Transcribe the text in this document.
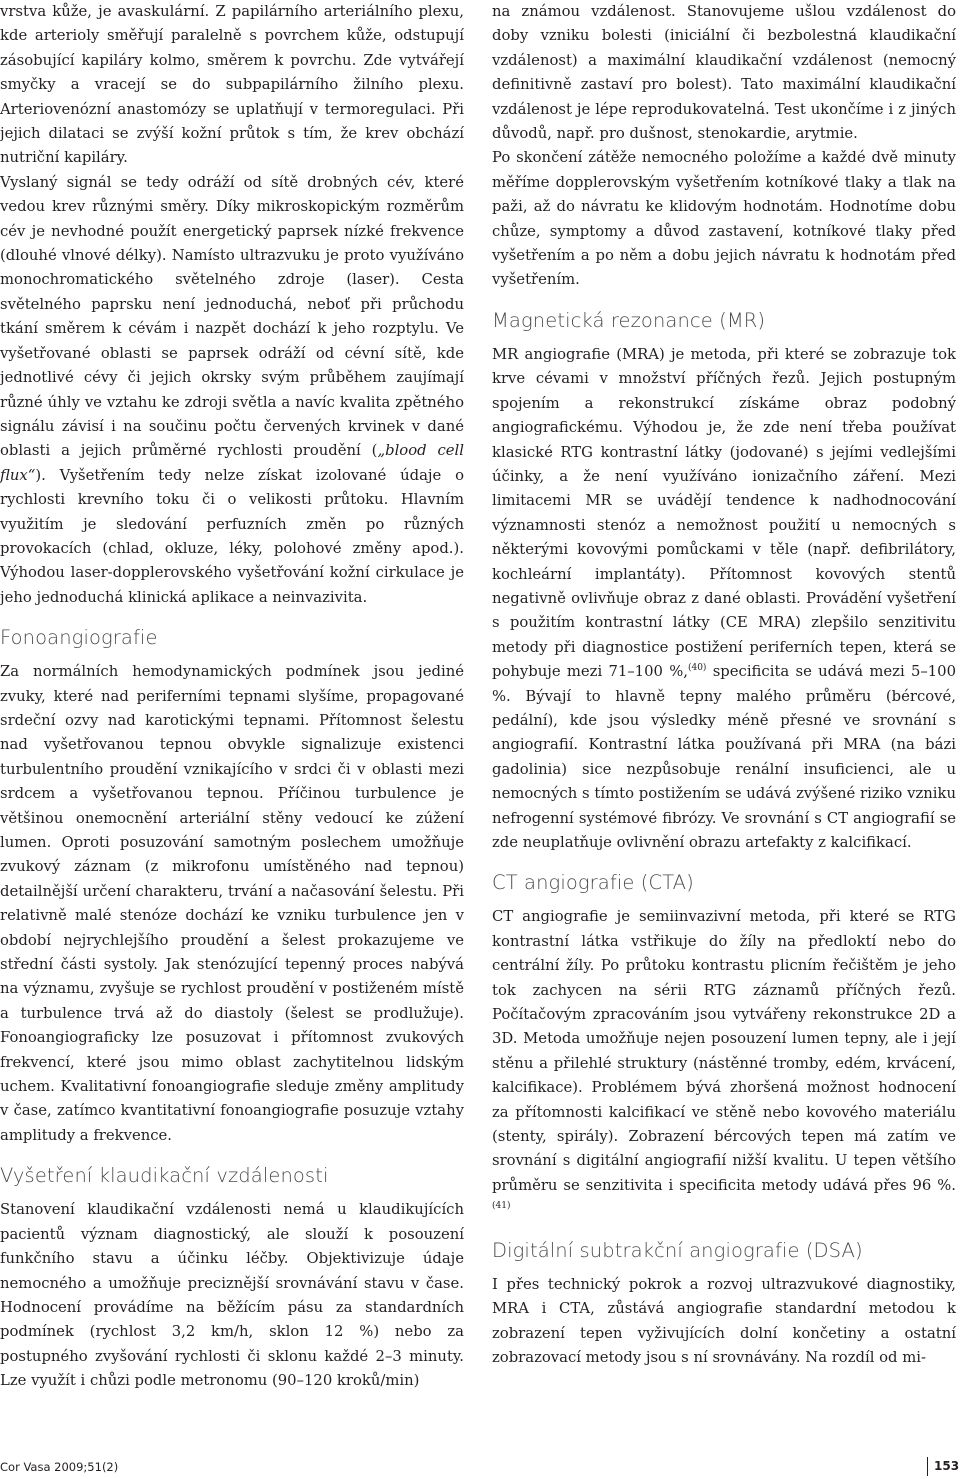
vrstva kůže, je avaskulární. Z papilárního arteriálního plexu, kde arterioly směřují paralelně s povrchem kůže, odstupují zásobující kapiláry kolmo, směrem k povrchu. Zde vytvářejí smyčky a vracejí se do subpapilárního žilního plexu. Arteriovenózní anastomózy se uplatňují v termoregulaci. Při jejich dilataci se zvýší kožní průtok s tím, že krev obchází nutriční kapiláry.

Vyslaný signál se tedy odráží od sítě drobných cév, které vedou krev různými směry. Díky mikroskopickým rozměrům cév je nevhodné použít energetický paprsek nízké frekvence (dlouhé vlnové délky). Namísto ultrazvuku je proto využíváno monochromatického světelného zdroje (laser). Cesta světelného paprsku není jednoduchá, neboť při průchodu tkání směrem k cévám i nazpět dochází k jeho rozptylu. Ve vyšetřované oblasti se paprsek odráží od cévní sítě, kde jednotlivé cévy či jejich okrsky svým průběhem zaujímají různé úhly ve vztahu ke zdroji světla a navíc kvalita zpětného signálu závisí i na součinu počtu červených krvinek v dané oblasti a jejich průměrné rychlosti proudění („blood cell flux“). Vyšetřením tedy nelze získat izolované údaje o rychlosti krevního toku či o velikosti průtoku. Hlavním využitím je sledování perfuzních změn po různých provokacích (chlad, okluze, léky, polohové změny apod.). Výhodou laser-dopplerovského vyšetřování kožní cirkulace je jeho jednoduchá klinická aplikace a neinvazivita.

Fonoangiografie

Za normálních hemodynamických podmínek jsou jediné zvuky, které nad periferními tepnami slyšíme, propagované srdeční ozvy nad karotickými tepnami. Přítomnost šelestu nad vyšetřovanou tepnou obvykle signalizuje existenci turbulentního proudění vznikajícího v srdci či v oblasti mezi srdcem a vyšetřovanou tepnou. Příčinou turbulence je většinou onemocnění arteriální stěny vedoucí ke zúžení lumen. Oproti posuzování samotným poslechem umožňuje zvukový záznam (z mikrofonu umístěného nad tepnou) detailnější určení charakteru, trvání a načasování šelestu. Při relativně malé stenóze dochází ke vzniku turbulence jen v období nejrychlejšího proudění a šelest prokazujeme ve střední části systoly. Jak stenózující tepenný proces nabývá na významu, zvyšuje se rychlost proudění v postiženém místě a turbulence trvá až do diastoly (šelest se prodlužuje). Fonoangiograficky lze posuzovat i přítomnost zvukových frekvencí, které jsou mimo oblast zachytitelnou lidským uchem. Kvalitativní fonoangiografie sleduje změny amplitudy v čase, zatímco kvantitativní fonoangiografie posuzuje vztahy amplitudy a frekvence.

Vyšetření klaudikační vzdálenosti

Stanovení klaudikační vzdálenosti nemá u klaudikujících pacientů význam diagnostický, ale slouží k posouzení funkčního stavu a účinku léčby. Objektivizuje údaje nemocného a umožňuje preciznější srovnávání stavu v čase. Hodnocení provádíme na běžícím pásu za standardních podmínek (rychlost 3,2 km/h, sklon 12 %) nebo za postupného zvyšování rychlosti či sklonu každé 2–3 minuty. Lze využít i chůzi podle metronomu (90–120 kroků/min)

na známou vzdálenost. Stanovujeme ušlou vzdálenost do doby vzniku bolesti (iniciální či bezbolestná klaudikační vzdálenost) a maximální klaudikační vzdálenost (nemocný definitivně zastaví pro bolest). Tato maximální klaudikační vzdálenost je lépe reprodukovatelná. Test ukončíme i z jiných důvodů, např. pro dušnost, stenokardie, arytmie.

Po skončení zátěže nemocného položíme a každé dvě minuty měříme dopplerovským vyšetřením kotníkové tlaky a tlak na paži, až do návratu ke klidovým hodnotám. Hodnotíme dobu chůze, symptomy a důvod zastavení, kotníkové tlaky před vyšetřením a po něm a dobu jejich návratu k hodnotám před vyšetřením.

Magnetická rezonance (MR)

MR angiografie (MRA) je metoda, při které se zobrazuje tok krve cévami v množství příčných řezů. Jejich postupným spojením a rekonstrukcí získáme obraz podobný angiografickému. Výhodou je, že zde není třeba používat klasické RTG kontrastní látky (jodované) s jejími vedlejšími účinky, a že není využíváno ionizačního záření. Mezi limitacemi MR se uvádějí tendence k nadhodnocování významnosti stenóz a nemožnost použití u nemocných s některými kovovými pomůckami v těle (např. defibrilátory, kochleární implantáty). Přítomnost kovových stentů negativně ovlivňuje obraz z dané oblasti. Provádění vyšetření s použitím kontrastní látky (CE MRA) zlepšilo senzitivitu metody při diagnostice postižení periferních tepen, která se pohybuje mezi 71–100 %,$^{(40)}$ specificita se udává mezi 5–100 %. Bývají to hlavně tepny malého průměru (bércové, pedální), kde jsou výsledky méně přesné ve srovnání s angiografií. Kontrastní látka používaná při MRA (na bázi gadolinia) sice nezpůsobuje renální insuficienci, ale u nemocných s tímto postižením se udává zvýšené riziko vzniku nefrogenní systémové fibrózy. Ve srovnání s CT angiografií se zde neuplatňuje ovlivnění obrazu artefakty z kalcifikací.

CT angiografie (CTA)

CT angiografie je semiinvazivní metoda, při které se RTG kontrastní látka vstřikuje do žíly na předloktí nebo do centrální žíly. Po průtoku kontrastu plicním řečištěm je jeho tok zachycen na sérii RTG záznamů příčných řezů. Počítačovým zpracováním jsou vytvářeny rekonstrukce 2D a 3D. Metoda umožňuje nejen posouzení lumen tepny, ale i její stěnu a přilehlé struktury (nástěnné tromby, edém, krvácení, kalcifikace). Problémem bývá zhoršená možnost hodnocení za přítomnosti kalcifikací ve stěně nebo kovového materiálu (stenty, spirály). Zobrazení bércových tepen má zatím ve srovnání s digitální angiografií nižší kvalitu. U tepen většího průměru se senzitivita i specificita metody udává přes 96 %.$^{(41)}$

Digitální subtrakční angiografie (DSA)

I přes technický pokrok a rozvoj ultrazvukové diagnostiky, MRA i CTA, zůstává angiografie standardní metodou k zobrazení tepen vyživujících dolní končetiny a ostatní zobrazovací metody jsou s ní srovnávány. Na rozdíl od mi-

Cor Vasa 2009;51(2)	153
